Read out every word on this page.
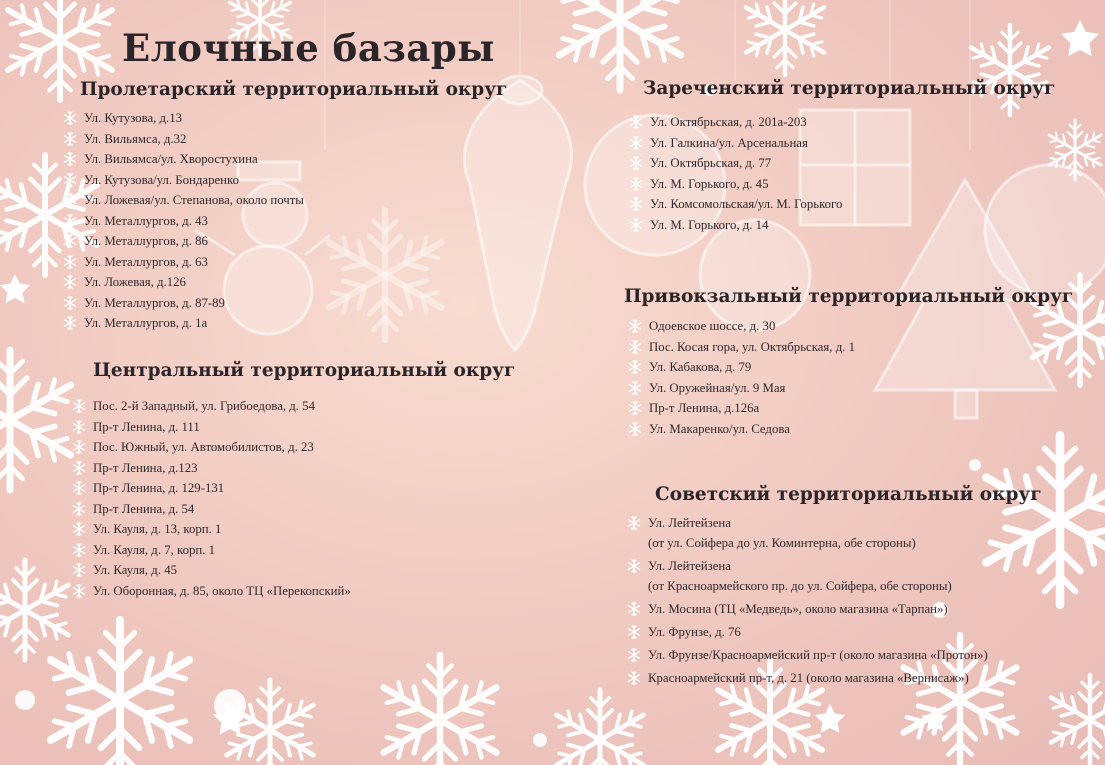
Елочные базары
Пролетарский территориальный округ
Ул. Кутузова, д.13
Ул. Вильямса, д.32
Ул. Вильямса/ул. Хворостухина
Ул. Кутузова/ул. Бондаренко
Ул. Ложевая/ул. Степанова, около почты
Ул. Металлургов, д. 43
Ул. Металлургов, д. 86
Ул. Металлургов, д. 63
Ул. Ложевая, д.126
Ул. Металлургов, д. 87-89
Ул. Металлургов, д. 1а
Центральный территориальный округ
Пос. 2-й Западный, ул. Грибоедова, д. 54
Пр-т Ленина, д. 111
Пос. Южный, ул. Автомобилистов, д. 23
Пр-т Ленина, д.123
Пр-т Ленина, д. 129-131
Пр-т Ленина, д. 54
Ул. Кауля, д. 13, корп. 1
Ул. Кауля, д. 7, корп. 1
Ул. Кауля, д. 45
Ул. Оборонная, д. 85, около ТЦ «Перекопский»
Зареченский территориальный округ
Ул. Октябрьская, д. 201а-203
Ул. Галкина/ул. Арсенальная
Ул. Октябрьская, д. 77
Ул. М. Горького, д. 45
Ул. Комсомольская/ул. М. Горького
Ул. М. Горького, д. 14
Привокзальный территориальный округ
Одоевское шоссе, д. 30
Пос. Косая гора, ул. Октябрьская, д. 1
Ул. Кабакова, д. 79
Ул. Оружейная/ул. 9 Мая
Пр-т Ленина, д.126а
Ул. Макаренко/ул. Седова
Советский территориальный округ
Ул. Лейтейзена
(от ул. Сойфера до ул. Коминтерна, обе стороны)
Ул. Лейтейзена
(от Красноармейского пр. до ул. Сойфера, обе стороны)
Ул. Мосина (ТЦ «Медведь», около магазина «Тарпан»)
Ул. Фрунзе, д. 76
Ул. Фрунзе/Красноармейский пр-т (около магазина «Протон»)
Красноармейский пр-т, д. 21 (около магазина «Вернисаж»)
